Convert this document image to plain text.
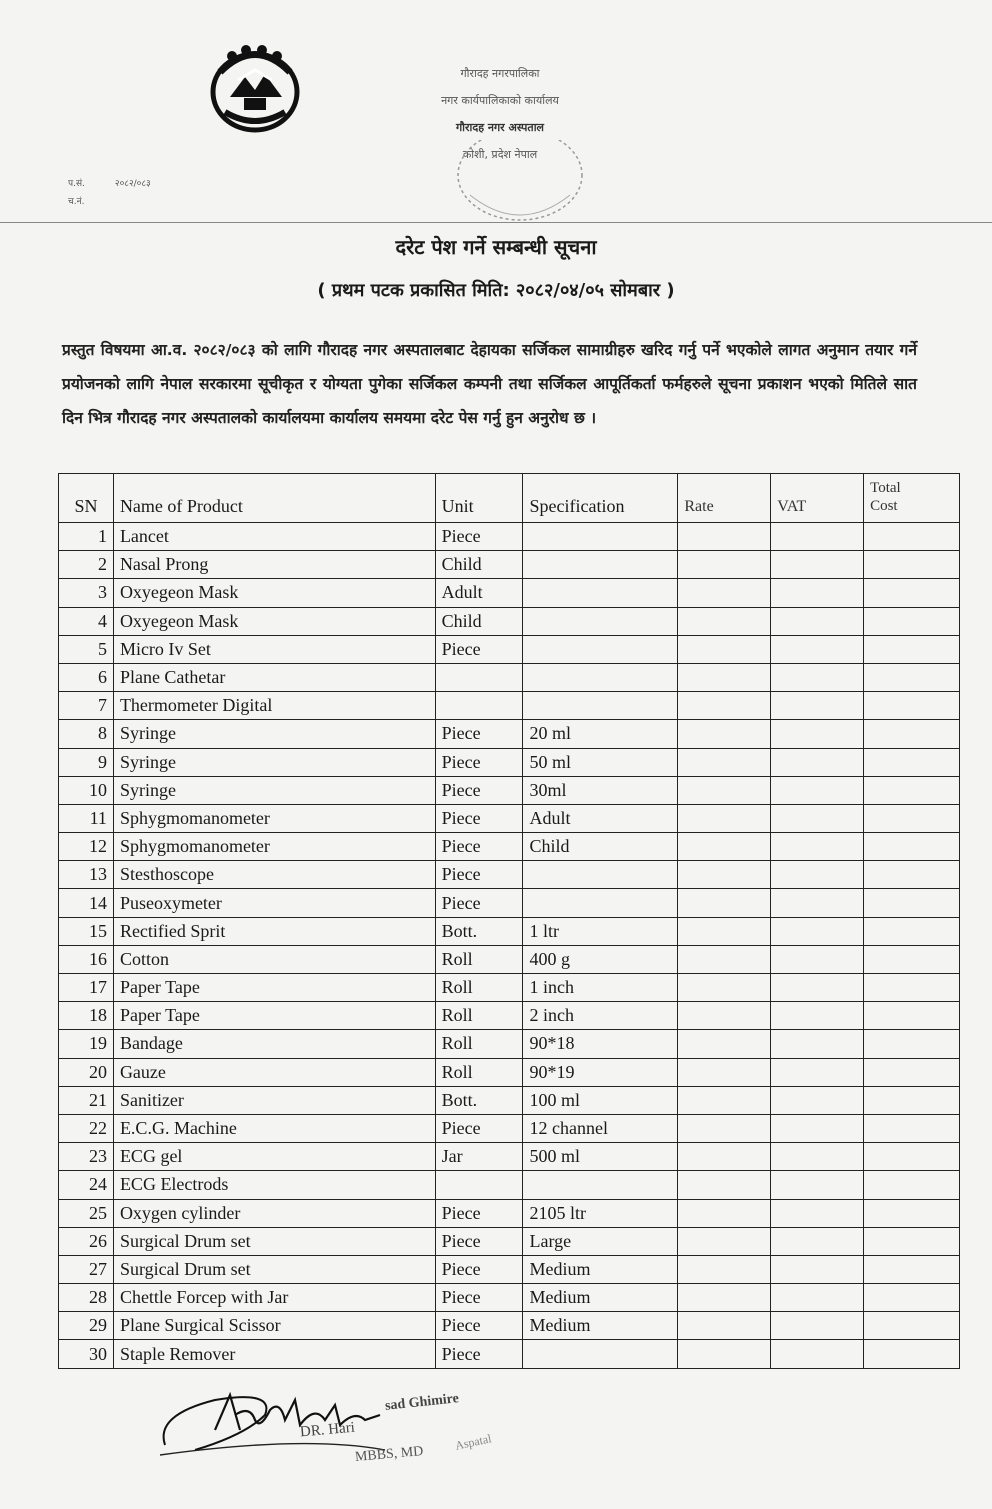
गौरादह नगरपालिका
नगर कार्यपालिकाको कार्यालय
गौरादह नगर अस्पताल
कोशी, प्रदेश नेपाल
प.सं.	२०८२/०८३
च.नं.
दरेट पेश गर्ने सम्बन्धी सूचना
( प्रथम पटक प्रकासित मिति: २०८२/०४/०५ सोमबार )
प्रस्तुत विषयमा आ.व. २०८२/०८३ को लागि गौरादह नगर अस्पतालबाट देहायका सर्जिकल सामाग्रीहरु खरिद गर्नु पर्ने भएकोले लागत अनुमान तयार गर्ने प्रयोजनको लागि नेपाल सरकारमा सूचीकृत र योग्यता पुगेका सर्जिकल कम्पनी तथा सर्जिकल आपूर्तिकर्ता फर्महरुले सूचना प्रकाशन भएको मितिले सात दिन भित्र गौरादह नगर अस्पतालको कार्यालयमा कार्यालय समयमा दरेट पेस गर्नु हुन अनुरोध छ ।
SN	Name of Product	Unit	Specification	Rate	VAT	Total
Cost

1	Lancet	Piece				
2	Nasal Prong	Child				
3	Oxyegeon Mask	Adult				
4	Oxyegeon Mask	Child				
5	Micro Iv Set	Piece				
6	Plane Cathetar					
7	Thermometer Digital					
8	Syringe	Piece	20 ml			
9	Syringe	Piece	50 ml			
10	Syringe	Piece	30ml			
11	Sphygmomanometer	Piece	Adult			
12	Sphygmomanometer	Piece	Child			
13	Stesthoscope	Piece				
14	Puseoxymeter	Piece				
15	Rectified Sprit	Bott.	1 ltr			
16	Cotton	Roll	400 g			
17	Paper Tape	Roll	1 inch			
18	Paper Tape	Roll	2 inch			
19	Bandage	Roll	90*18			
20	Gauze	Roll	90*19			
21	Sanitizer	Bott.	100 ml			
22	E.C.G. Machine	Piece	12 channel			
23	ECG gel	Jar	500 ml			
24	ECG Electrods					
25	Oxygen cylinder	Piece	2105 ltr			
26	Surgical Drum set	Piece	Large			
27	Surgical Drum set	Piece	Medium			
28	Chettle Forcep with Jar	Piece	Medium			
29	Plane Surgical Scissor	Piece	Medium			
30	Staple Remover	Piece				
sad Ghimire
DR. Hari
MBBS, MD
Aspatal
